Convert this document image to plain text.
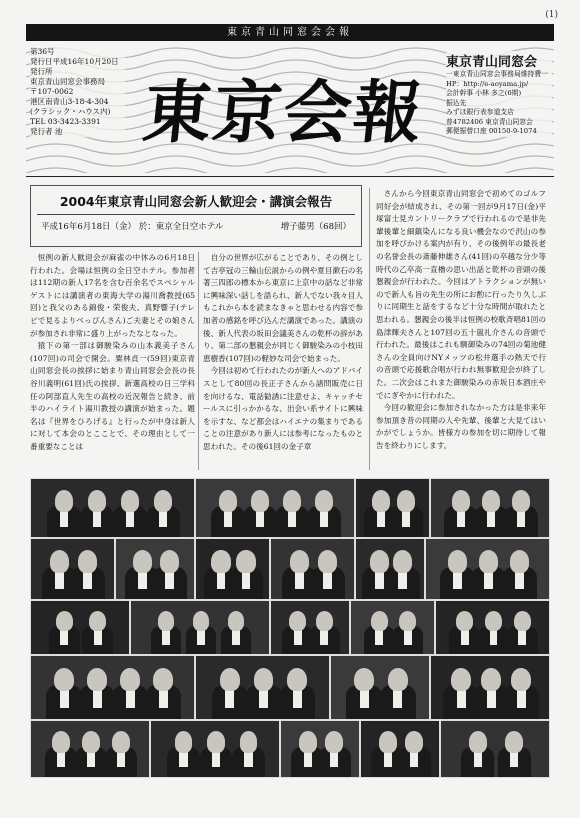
(1)
東京青山同窓会会報
第36号
発行日平成16年10月20日
発行所
東京青山同窓会事務局
〒107-0062
港区南青山3-18-4-304
(クラシック・ハウス内)
TEL 03-3423-3391
発行者 池	東京会報
東京青山同窓会
一東京青山同窓会事務局維持費一
HP：http://e-aoyama.jp/
会計幹事 小林 多之(6期)
振込先
みずほ銀行表参道支店
普4782406 東京青山同窓会
郵便振替口座 00150-9-1074
2004年東京青山同窓会新人歓迎会・講演会報告
平成16年6月18日（金） 於：東京全日空ホテル	増子藤男（68回）

恒例の新人歓迎会が麻雀の中休みの6月18日行われた。会場は恒例の全日空ホテル。参加者は112期の新人17名を含む百余名でスペシャルゲストには講演者の東海大学の湯川喬教授(65回)と我父のある錦俊・荣俊夫、真野響子(テレビで見るよりべっぴんさん)ご夫妻とその娘さんが参加され非常に盛り上がったなとなった。

猿下の第一部は御駿染みの山本義美子さん(107回)の司会で開会。粟林貞一(59回)東京青山同窓会長の挨拶に始まり青山同窓会会長の長谷川義明(61回)氏の挨拶、新選高校の日三学科任の阿部直人先生の高校の近況報告と続き、前半のハイライト湯川教授の講演が始まった。題名は『世界をひろげる』と行ったが中身は新人に対して本会のとこことで、その理由として一番重要なことは

自分の世界が広がることであり、その例として吉亭冠の三輪山伝説からの例や夏目漱石の名著三四郎の標本から東京に上京中の話など非常に興味深い話しを語られ、新人でない我々目人もこれから本を読まなきゃと思わせる内容で参加者の感銘を呼び込んだ講演であった。講演の後、新人代表の坂田会議美さんの乾杯の辞があり、第二部の懇親会が同じく御駿染みの小枝田恵樹香(107回)の軽妙な司会で始まった。

今回は初めて行われたのが新人へのアドバイスとして80回の長正子さんから諸問販売に日を向けるな、電話勧誘に注意せよ、キャッチセールスに引っかかるな、出会い系サイトに興味を示すな、など都会はハイエナの集まりであることの注意があり新人には参考になったものと思われた。その後61回の金子章

さんから今回東京青山同窓会で初めてのゴルフ同好会が結成され、その第一回が9月17日(金)平塚富士見カントリークラブで行われるので是非先輩後輩と細鎮染んになる良い機会なので沢山の参加を呼びかける案内が有り、その後例年の最長老の名誉会長の斎藤伸雄さん(41回)の卒越な分少等時代の乙卒高一直櫓の思い出話と乾杯の音頭の後懇親会が行われた。今回はアトラクションが無いので新人も旨の先生の所にお酌に行ったり久しぶりに同期生と話をするなど十分な時間が取れたと思われる。懇親会の後半は恒例の校歌斉唱81回の島津輝夫さんと107回の五十嵐礼介さんの音頭で行われた。最後はこれも馴御染みの74回の菊池健さんの全員向けNYメッツの松井選手の熱天で行の音頭で応援歌合唱が行われ無事歓迎会が終了した。二次会はこれまた御駿染みの赤坂日本酒庄やでにぎやかに行われた。

今回の歓迎会に参加されなかった方は是非来年参加頂き昔の同期の人や先輩、後輩と大見てはいかがでしょうか。皆様方の参加を切に期待して報告を終わりにします。
